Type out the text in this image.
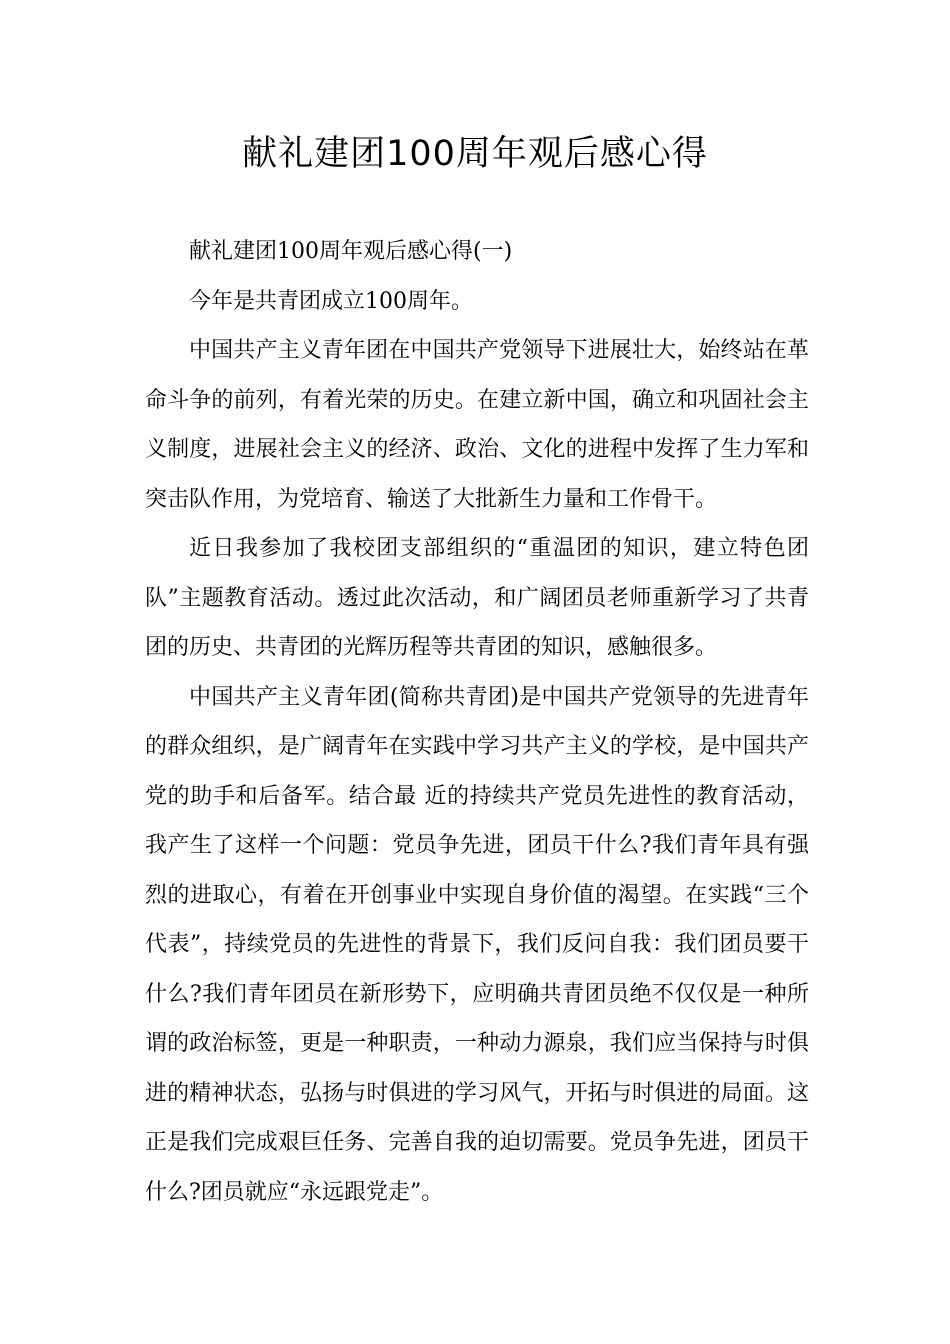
献礼建团100周年观后感心得

献礼建团100周年观后感心得(一)

今年是共青团成立100周年。

中国共产主义青年团在中国共产党领导下进展壮大，始终站在革命斗争的前列，有着光荣的历史。在建立新中国，确立和巩固社会主义制度，进展社会主义的经济、政治、文化的进程中发挥了生力军和突击队作用，为党培育、输送了大批新生力量和工作骨干。

近日我参加了我校团支部组织的“重温团的知识，建立特色团队”主题教育活动。透过此次活动，和广阔团员老师重新学习了共青团的历史、共青团的光辉历程等共青团的知识，感触很多。

中国共产主义青年团(简称共青团)是中国共产党领导的先进青年的群众组织，是广阔青年在实践中学习共产主义的学校，是中国共产党的助手和后备军。结合最 近的持续共产党员先进性的教育活动，我产生了这样一个问题：党员争先进，团员干什么?我们青年具有强烈的进取心，有着在开创事业中实现自身价值的渴望。在实践“三个代表”，持续党员的先进性的背景下，我们反问自我：我们团员要干什么?我们青年团员在新形势下，应明确共青团员绝不仅仅是一种所谓的政治标签，更是一种职责，一种动力源泉，我们应当保持与时俱进的精神状态，弘扬与时俱进的学习风气，开拓与时俱进的局面。这正是我们完成艰巨任务、完善自我的迫切需要。党员争先进，团员干什么?团员就应“永远跟党走”。
